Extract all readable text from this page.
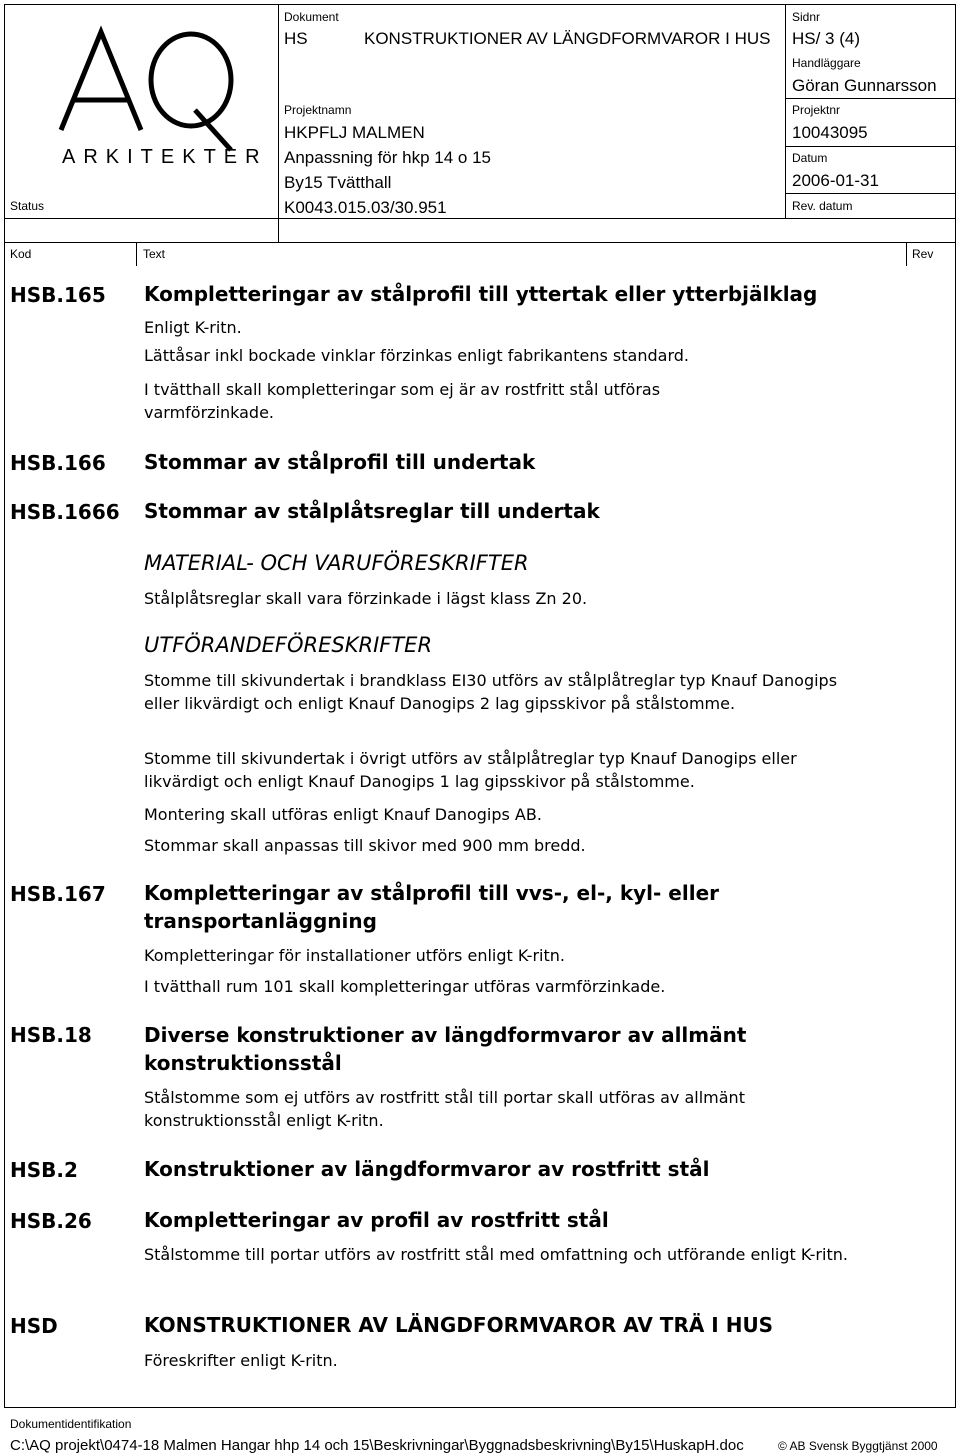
ARKITEKTER
Status
Dokument
HS	KONSTRUKTIONER AV LÄNGDFORMVAROR I HUS
Projektnamn
HKPFLJ MALMEN
Anpassning för hkp 14 o 15
By15 Tvätthall
K0043.015.03/30.951
Sidnr
HS/ 3 (4)
Handläggare
Göran Gunnarsson
Projektnr
10043095
Datum
2006-01-31
Rev. datum
Kod	Text	Rev
HSB.165 Kompletteringar av stålprofil till yttertak eller ytterbjälklag
Enligt K-ritn.
Lättåsar inkl bockade vinklar förzinkas enligt fabrikantens standard.
I tvätthall skall kompletteringar som ej är av rostfritt stål utföras varmförzinkade.
HSB.166 Stommar av stålprofil till undertak
HSB.1666 Stommar av stålplåtsreglar till undertak
MATERIAL- OCH VARUFÖRESKRIFTER
Stålplåtsreglar skall vara förzinkade i lägst klass Zn 20.
UTFÖRANDEFÖRESKRIFTER
Stomme till skivundertak i brandklass EI30 utförs av stålplåtreglar typ Knauf Danogips eller likvärdigt och enligt Knauf Danogips 2 lag gipsskivor på stålstomme.
Stomme till skivundertak i övrigt utförs av stålplåtreglar typ Knauf Danogips eller likvärdigt och enligt Knauf Danogips 1 lag gipsskivor på stålstomme.
Montering skall utföras enligt Knauf Danogips AB.
Stommar skall anpassas till skivor med 900 mm bredd.
HSB.167 Kompletteringar av stålprofil till vvs-, el-, kyl- eller transportanläggning
Kompletteringar för installationer utförs enligt K-ritn.
I tvätthall rum 101 skall kompletteringar utföras varmförzinkade.
HSB.18	Diverse konstruktioner av längdformvaror av allmänt konstruktionsstål
Stålstomme som ej utförs av rostfritt stål till portar skall utföras av allmänt konstruktionsstål enligt K-ritn.
HSB.2	Konstruktioner av längdformvaror av rostfritt stål
HSB.26	Kompletteringar av profil av rostfritt stål
Stålstomme till portar utförs av rostfritt stål med omfattning och utförande enligt K-ritn.
HSD	KONSTRUKTIONER AV LÄNGDFORMVAROR AV TRÄ I HUS
Föreskrifter enligt K-ritn.
Dokumentidentifikation
C:\AQ projekt\0474-18 Malmen Hangar hhp 14 och 15\Beskrivningar\Byggnadsbeskrivning\By15\HuskapH.doc	© AB Svensk Byggtjänst 2000
